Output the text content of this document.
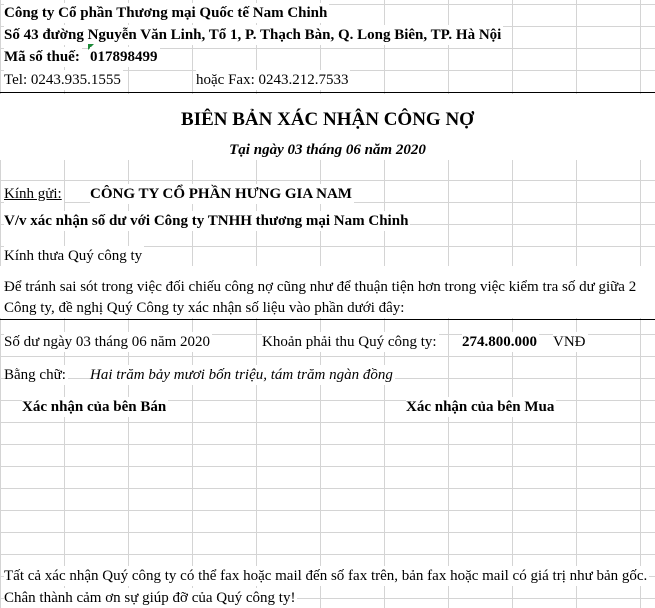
Công ty Cổ phần Thương mại Quốc tế Nam Chinh
Số 43 đường Nguyễn Văn Linh, Tổ 1, P. Thạch Bàn, Q. Long Biên, TP. Hà Nội
Mã số thuế: 017898499
Tel: 0243.935.1555	hoặc Fax: 0243.212.7533
BIÊN BẢN XÁC NHẬN CÔNG NỢ
Tại ngày 03 tháng 06 năm 2020
Kính gửi: CÔNG TY CỔ PHẦN HƯNG GIA NAM
V/v xác nhận số dư với Công ty TNHH thương mại Nam Chinh
Kính thưa Quý công ty
Để tránh sai sót trong việc đối chiếu công nợ cũng như để thuận tiện hơn trong việc kiểm tra số dư giữa 2
Công ty, đề nghị Quý Công ty xác nhận số liệu vào phần dưới đây:
Số dư ngày 03 tháng 06 năm 2020	Khoản phải thu Quý công ty: 274.800.000 VNĐ
Bằng chữ: Hai trăm bảy mươi bốn triệu, tám trăm ngàn đồng
Xác nhận của bên Bán	Xác nhận của bên Mua
Tất cả xác nhận Quý công ty có thể fax hoặc mail đến số fax trên, bản fax hoặc mail có giá trị như bản gốc.
Chân thành cảm ơn sự giúp đỡ của Quý công ty!
